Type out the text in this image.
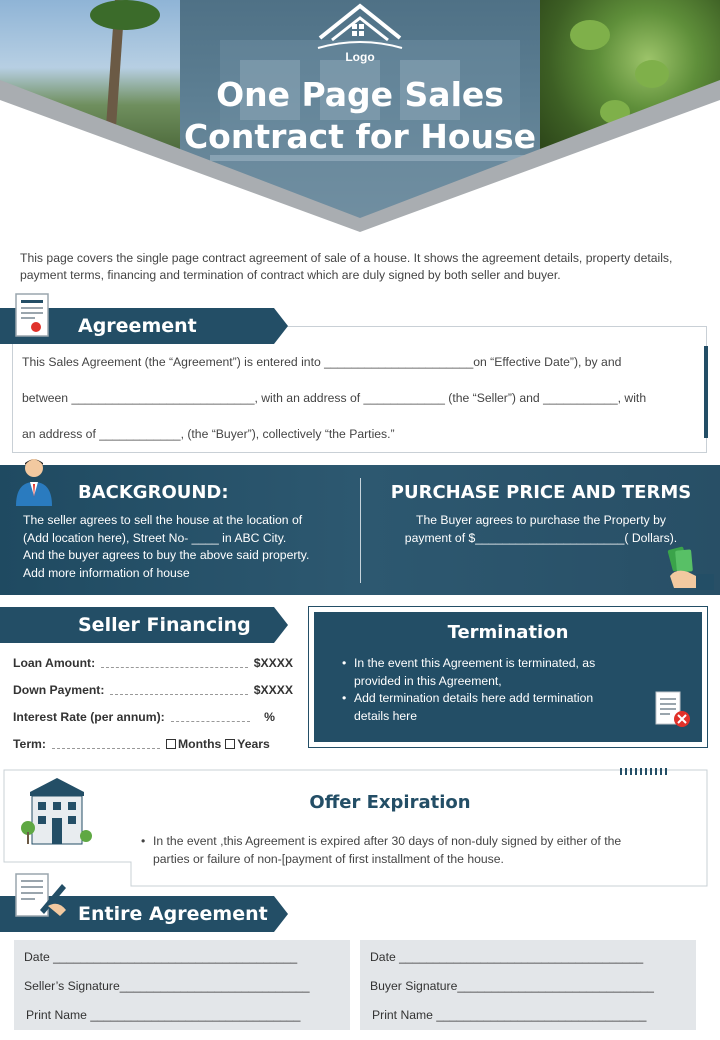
Logo
One Page Sales
Contract for House
This page covers the single page contract agreement of sale of a house. It shows the agreement details, property details, payment terms, financing and termination of contract which are duly signed by both seller and buyer.
Agreement
This Sales Agreement (the “Agreement”) is entered into ______________________on “Effective Date”), by and
between ___________________________, with an address of ____________ (the “Seller”) and ___________, with
an address of ____________, (the “Buyer”), collectively “the Parties.”
BACKGROUND:
The seller agrees to sell the house at the location of
(Add location here), Street No- ____ in ABC City.
And the buyer agrees to buy the above said property.
Add more information of house
PURCHASE PRICE AND TERMS
The Buyer agrees to purchase the Property by
payment of $______________________( Dollars).
Seller Financing
Loan Amount:	$XXXX
Down Payment:	$XXXX
Interest Rate (per annum):	%
Term:	Months	Years
Termination
• In the event this Agreement is terminated, as
provided in this Agreement,
• Add termination details here add termination
details here
Offer Expiration
• In the event ,this Agreement is expired after 30 days of non-duly signed by either of the
parties or failure of non-[payment of first installment of the house.
Entire Agreement
Date ____________________________________
Seller’s Signature____________________________
Print Name _______________________________
Date ____________________________________
Buyer Signature_____________________________
Print Name _______________________________
